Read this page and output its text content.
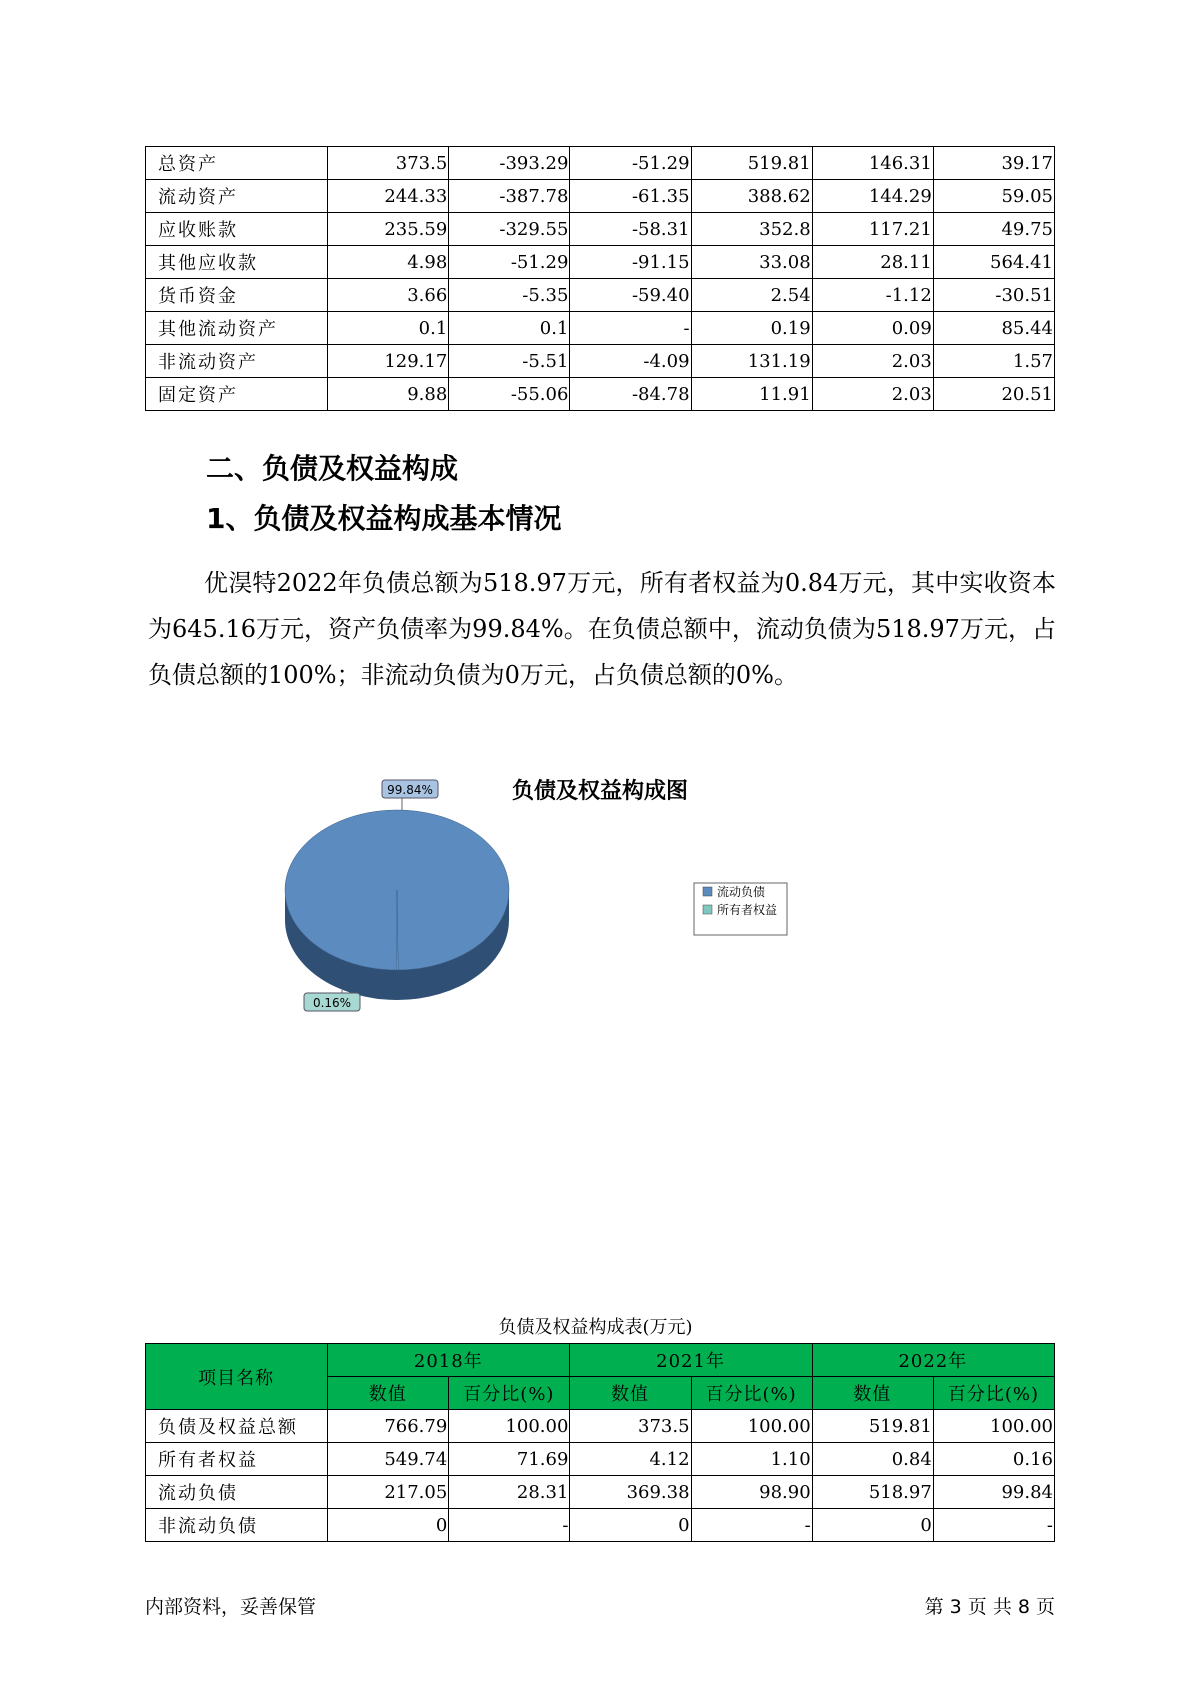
总资产	373.5	-393.29	-51.29	519.81	146.31	39.17
流动资产	244.33	-387.78	-61.35	388.62	144.29	59.05
应收账款	235.59	-329.55	-58.31	352.8	117.21	49.75
其他应收款	4.98	-51.29	-91.15	33.08	28.11	564.41
货币资金	3.66	-5.35	-59.40	2.54	-1.12	-30.51
其他流动资产	0.1	0.1	-	0.19	0.09	85.44
非流动资产	129.17	-5.51	-4.09	131.19	2.03	1.57
固定资产	9.88	-55.06	-84.78	11.91	2.03	20.51
二、负债及权益构成
1、负债及权益构成基本情况

优淏特2022年负债总额为518.97万元，所有者权益为0.84万元，其中实收资本为645.16万元，资产负债率为99.84%。在负债总额中，流动负债为518.97万元，占负债总额的100%；非流动负债为0万元，占负债总额的0%。

负债及权益构成图
99.84%
0.16%
流动负债
所有者权益
负债及权益构成表(万元)
项目名称	2018年		2021年		2022年	
	数值	百分比(%)	数值	百分比(%)	数值	百分比(%)
负债及权益总额	766.79	100.00	373.5	100.00	519.81	100.00
所有者权益	549.74	71.69	4.12	1.10	0.84	0.16
流动负债	217.05	28.31	369.38	98.90	518.97	99.84
非流动负债	0	-	0	-	0	-
内部资料，妥善保管	第 3 页 共 8 页
